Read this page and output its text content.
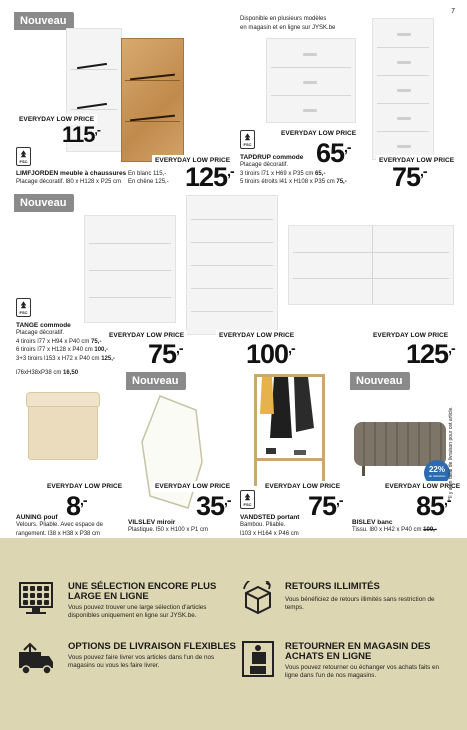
7
Nouveau
EVERYDAY LOW PRICE
115,-
EVERYDAY LOW PRICE
125,-
FSC
LIMFJORDEN meuble à chaussures
Placage décoratif. l80 x H128 x P25 cm
En blanc 115,-
En chêne 125,-
Disponible en plusieurs modèles
en magasin et en ligne sur JYSK.be
FSC
EVERYDAY LOW PRICE
65,-
EVERYDAY LOW PRICE
75,-
TAPDRUP commode
Placage décoratif.
3 tiroirs l71 x H69 x P35 cm 65,-
5 tiroirs étroits l41 x H108 x P35 cm 75,-
Nouveau
FSC
TANGE commode
Placage décoratif.
4 tiroirs l77 x H94 x P40 cm 75,-
6 tiroirs l77 x H128 x P40 cm 100,-
3+3 tiroirs l153 x H72 x P40 cm 125,-
EVERYDAY LOW PRICE
75,-
EVERYDAY LOW PRICE
100,-
EVERYDAY LOW PRICE
125,-
l76xH38xP38 cm 16,50
EVERYDAY LOW PRICE
8,-
AUNING pouf
Velours. Pliable. Avec espace de
rangement. l38 x H38 x P38 cm
Nouveau
EVERYDAY LOW PRICE
35,-
VILSLEV miroir
Plastique. l50 x H100 x P1 cm
FSC
EVERYDAY LOW PRICE
75,-
VANDSTED portant
Bambou. Pliable.
l103 x H164 x P46 cm
Nouveau
22%
de réduction
EVERYDAY LOW PRICE
85,-
BISLEV banc
Tissu. l80 x H42 x P40 cm 109,-
*Il y a un délai de livraison pour cet article.
UNE SÉLECTION ENCORE PLUS
LARGE EN LIGNE
Vous pouvez trouver une large sélection d'articles disponibles uniquement en ligne sur JYSK.be.
RETOURS ILLIMITÉS
Vous bénéficiez de retours illimités sans restriction de temps.
OPTIONS DE LIVRAISON FLEXIBLES
Vous pouvez faire livrer vos articles dans l'un de nos magasins ou vous les faire livrer.
RETOURNER EN MAGASIN DES
ACHATS EN LIGNE
Vous pouvez retourner ou échanger vos achats faits en ligne dans l'un de nos magasins.
